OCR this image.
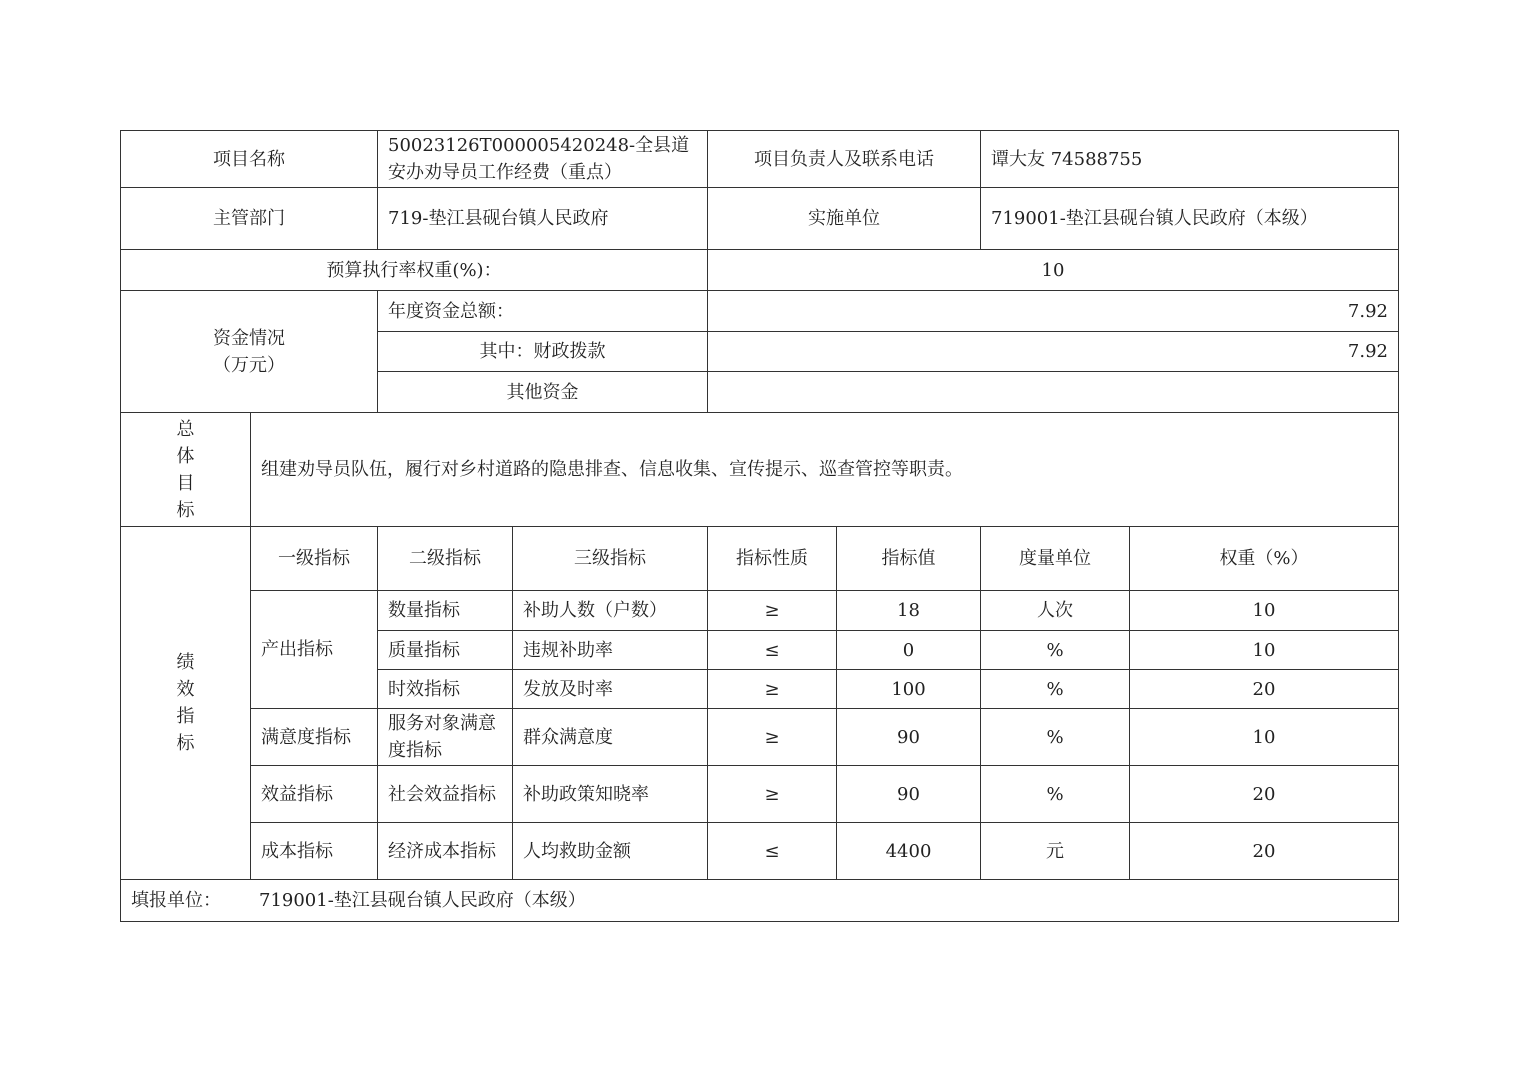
项目名称		50023126T000005420248-全县道安办劝导员工作经费（重点）		项目负责人及联系电话		谭大友 74588755	
主管部门		719-垫江县砚台镇人民政府		实施单位		719001-垫江县砚台镇人民政府（本级）	
预算执行率权重(%)：				10			

资金情况
（万元）		年度资金总额：		7.92			
		其中：财政拨款		7.92			
		其他资金					

总
体
目
标	组建劝导员队伍，履行对乡村道路的隐患排查、信息收集、宣传提示、巡查管控等职责。						

绩
效
指
标	一级指标	二级指标	三级指标	指标性质	指标值	度量单位	权重（%）
	产出指标	数量指标	补助人数（户数）	≥	18	人次	10
		质量指标	违规补助率	≤	0	%	10
		时效指标	发放及时率	≥	100	%	20
	满意度指标	服务对象满意度指标	群众满意度	≥	90	%	10
	效益指标	社会效益指标	补助政策知晓率	≥	90	%	20
	成本指标	经济成本指标	人均救助金额	≤	4400	元	20
填报单位： 719001-垫江县砚台镇人民政府（本级）							
